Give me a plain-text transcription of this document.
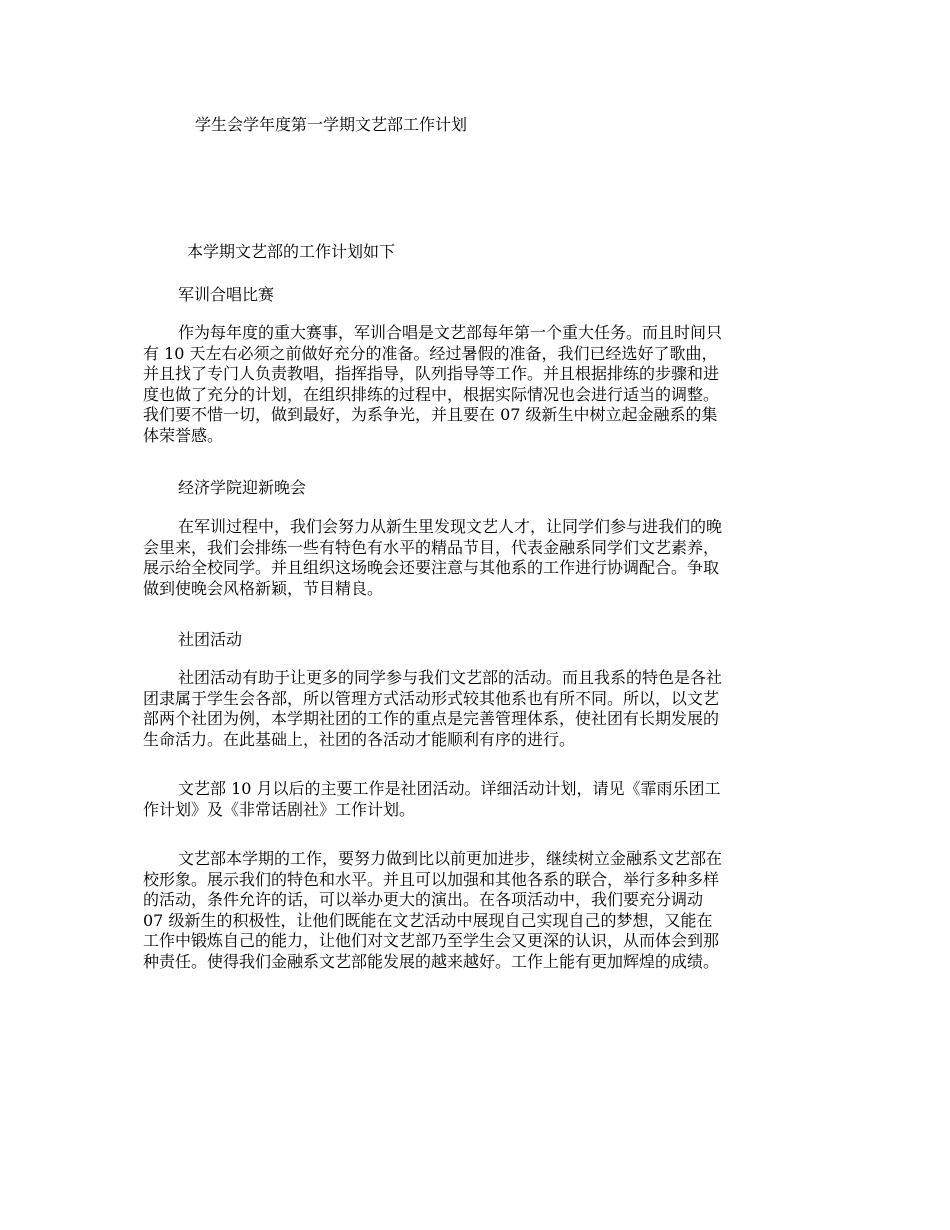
学生会学年度第一学期文艺部工作计划
本学期文艺部的工作计划如下
军训合唱比赛
作为每年度的重大赛事，军训合唱是文艺部每年第一个重大任务。而且时间只
有 10 天左右必须之前做好充分的准备。经过暑假的准备，我们已经选好了歌曲，
并且找了专门人负责教唱，指挥指导，队列指导等工作。并且根据排练的步骤和进
度也做了充分的计划，在组织排练的过程中，根据实际情况也会进行适当的调整。
我们要不惜一切，做到最好，为系争光，并且要在 07 级新生中树立起金融系的集
体荣誉感。
经济学院迎新晚会
在军训过程中，我们会努力从新生里发现文艺人才，让同学们参与进我们的晚
会里来，我们会排练一些有特色有水平的精品节目，代表金融系同学们文艺素养，
展示给全校同学。并且组织这场晚会还要注意与其他系的工作进行协调配合。争取
做到使晚会风格新颖，节目精良。
社团活动
社团活动有助于让更多的同学参与我们文艺部的活动。而且我系的特色是各社
团隶属于学生会各部，所以管理方式活动形式较其他系也有所不同。所以，以文艺
部两个社团为例，本学期社团的工作的重点是完善管理体系，使社团有长期发展的
生命活力。在此基础上，社团的各活动才能顺利有序的进行。
文艺部 10 月以后的主要工作是社团活动。详细活动计划，请见《霏雨乐团工
作计划》及《非常话剧社》工作计划。
文艺部本学期的工作，要努力做到比以前更加进步，继续树立金融系文艺部在
校形象。展示我们的特色和水平。并且可以加强和其他各系的联合，举行多种多样
的活动，条件允许的话，可以举办更大的演出。在各项活动中，我们要充分调动
07 级新生的积极性，让他们既能在文艺活动中展现自己实现自己的梦想，又能在
工作中锻炼自己的能力，让他们对文艺部乃至学生会又更深的认识，从而体会到那
种责任。使得我们金融系文艺部能发展的越来越好。工作上能有更加辉煌的成绩。
